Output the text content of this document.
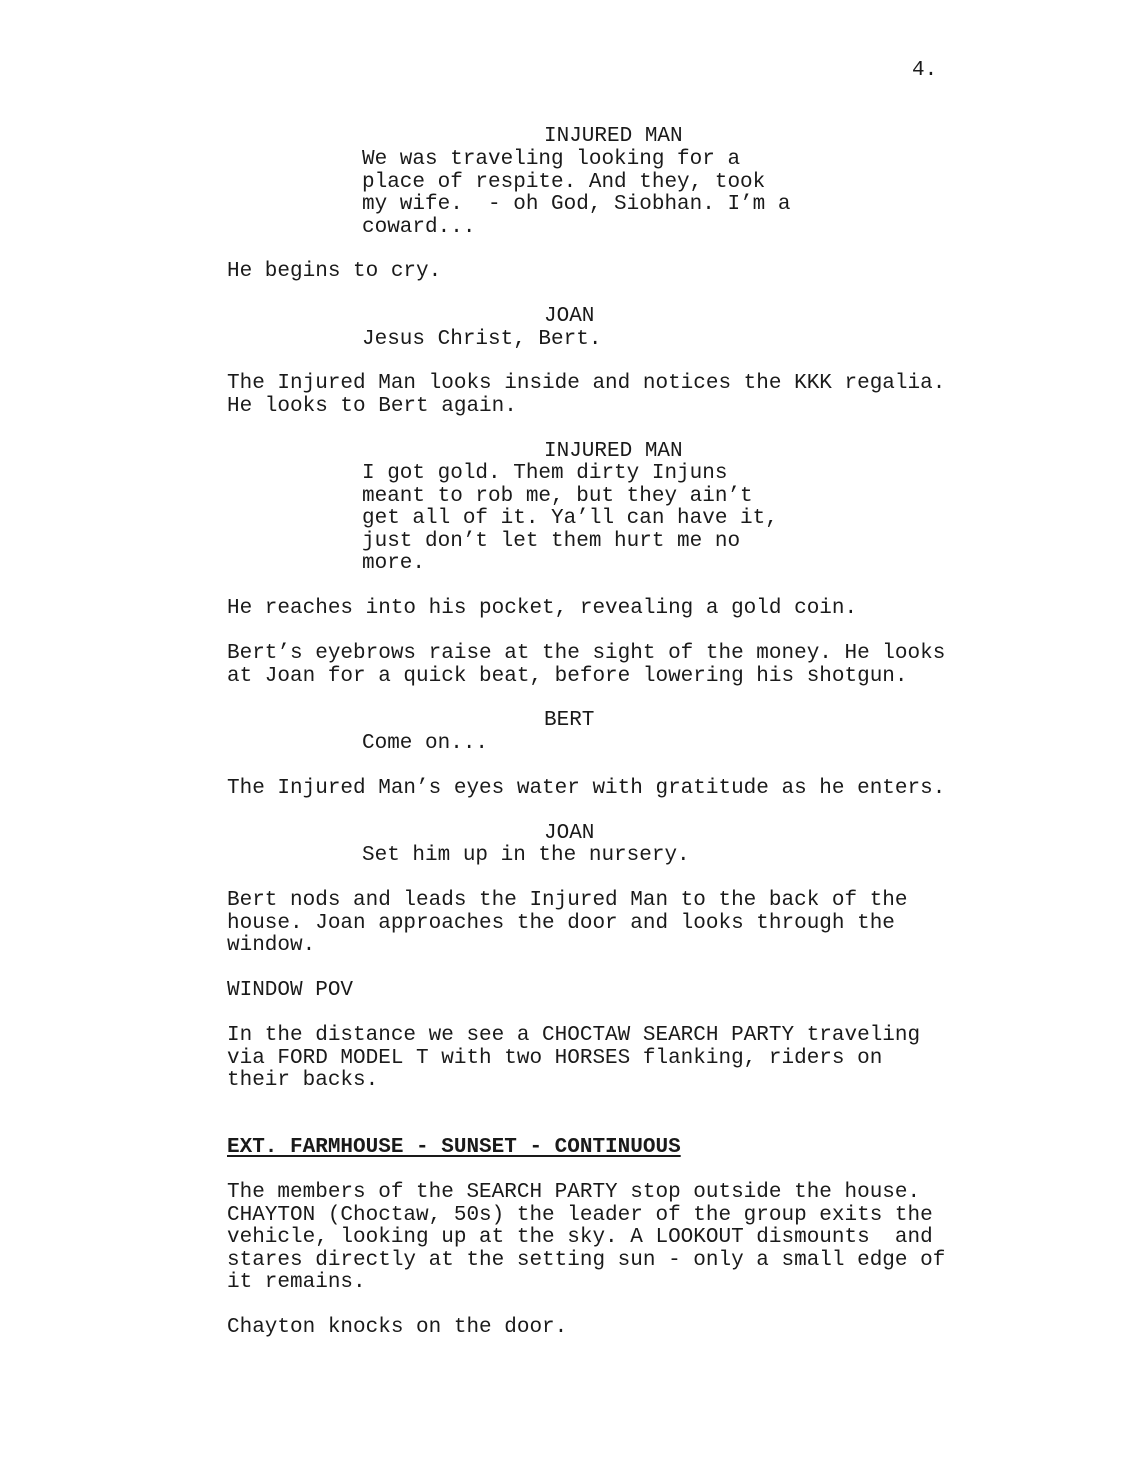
4.
INJURED MAN
We was traveling looking for a
place of respite. And they, took
my wife.  - oh God, Siobhan. I’m a
coward...
He begins to cry.
JOAN
Jesus Christ, Bert.
The Injured Man looks inside and notices the KKK regalia.
He looks to Bert again.
INJURED MAN
I got gold. Them dirty Injuns
meant to rob me, but they ain’t
get all of it. Ya’ll can have it,
just don’t let them hurt me no
more.
He reaches into his pocket, revealing a gold coin.
Bert’s eyebrows raise at the sight of the money. He looks
at Joan for a quick beat, before lowering his shotgun.
BERT
Come on...
The Injured Man’s eyes water with gratitude as he enters.
JOAN
Set him up in the nursery.
Bert nods and leads the Injured Man to the back of the
house. Joan approaches the door and looks through the
window.
WINDOW POV
In the distance we see a CHOCTAW SEARCH PARTY traveling
via FORD MODEL T with two HORSES flanking, riders on
their backs.
EXT. FARMHOUSE - SUNSET - CONTINUOUS
The members of the SEARCH PARTY stop outside the house.
CHAYTON (Choctaw, 50s) the leader of the group exits the
vehicle, looking up at the sky. A LOOKOUT dismounts  and
stares directly at the setting sun - only a small edge of
it remains.
Chayton knocks on the door.
